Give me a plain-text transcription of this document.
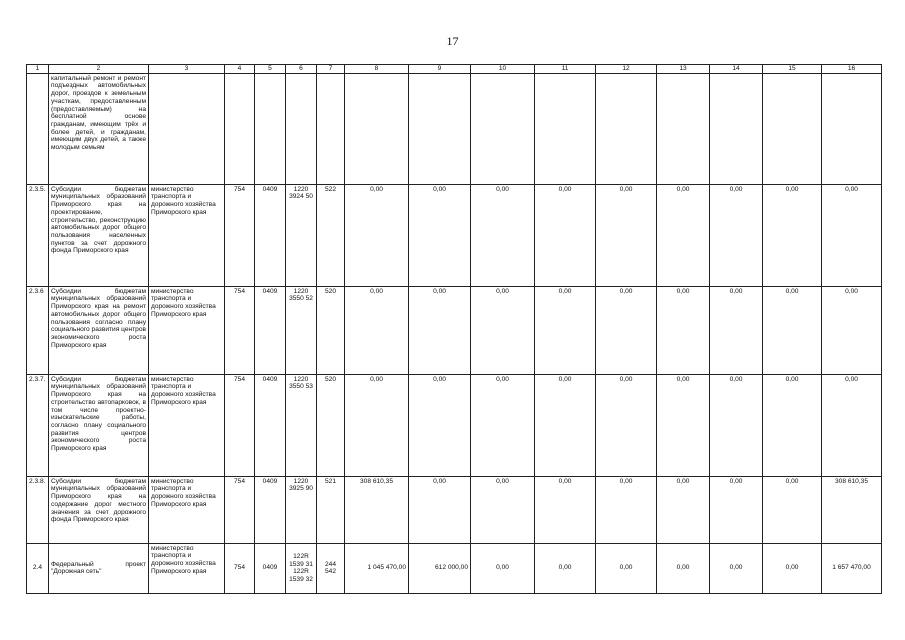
17
1	2	3	4	5	6	7	8	9	10	11	12	13	14	15	16
	капитальный ремонт и ремонт подъездных автомобильных дорог, проездов к земельным участкам, предоставленным (предоставляемым) на бесплатной основе гражданам, имеющим трёх и более детей, и гражданам, имеющим двух детей, а также молодым семьям														
2.3.5.	Субсидии бюджетам муниципальных образований Приморского края на проектирование, строительство, реконструкцию автомобильных дорог общего пользования населенных пунктов за счет дорожного фонда Приморского края	министерство транспорта и дорожного хозяйства Приморского края	754	0409	1220 3924 50	522	0,00	0,00	0,00	0,00	0,00	0,00	0,00	0,00	0,00
2.3.6	Субсидии бюджетам муниципальных образований Приморского края на ремонт автомобильных дорог общего пользования согласно плану социального развития центров экономического роста Приморского края	министерство транспорта и дорожного хозяйства Приморского края	754	0409	1220 3550 52	520	0,00	0,00	0,00	0,00	0,00	0,00	0,00	0,00	0,00
2.3.7.	Субсидии бюджетам муниципальных образований Приморского края на строительство автопарковок, в том числе проектно-изыскательские работы, согласно плану социального развития центров экономического роста Приморского края	министерство транспорта и дорожного хозяйства Приморского края	754	0409	1220 3550 53	520	0,00	0,00	0,00	0,00	0,00	0,00	0,00	0,00	0,00
2.3.8.	Субсидии бюджетам муниципальных образований Приморского края на содержание дорог местного значения за счет дорожного фонда Приморского края	министерство транспорта и дорожного хозяйства Приморского края	754	0409	1220 3925 90	521	308 610,35	0,00	0,00	0,00	0,00	0,00	0,00	0,00	308 610,35
2.4	Федеральный проект "Дорожная сеть"	министерство транспорта и дорожного хозяйства Приморского края	754	0409	122R 1539 31 122R 1539 32	244 542	1 045 470,00	612 000,00	0,00	0,00	0,00	0,00	0,00	0,00	1 657 470,00
